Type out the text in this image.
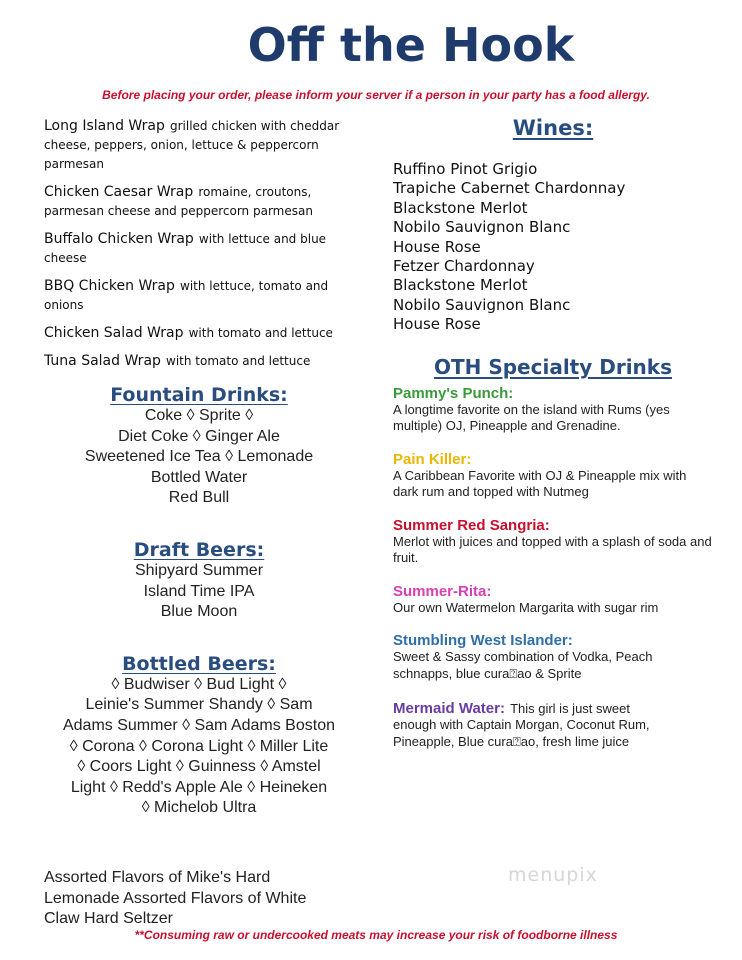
Off the Hook
Before placing your order, please inform your server if a person in your party has a food allergy.
Long Island Wrap grilled chicken with cheddar cheese, peppers, onion, lettuce & peppercorn parmesan
Chicken Caesar Wrap romaine, croutons, parmesan cheese and peppercorn parmesan
Buffalo Chicken Wrap with lettuce and blue cheese
BBQ Chicken Wrap with lettuce, tomato and onions
Chicken Salad Wrap with tomato and lettuce
Tuna Salad Wrap with tomato and lettuce
Fountain Drinks:
Coke ◊ Sprite ◊
Diet Coke ◊ Ginger Ale
Sweetened Ice Tea ◊ Lemonade
Bottled Water
Red Bull
Draft Beers:
Shipyard Summer
Island Time IPA
Blue Moon
Bottled Beers:
◊ Budwiser ◊ Bud Light ◊
Leinie's Summer Shandy ◊ Sam
Adams Summer ◊ Sam Adams Boston
◊ Corona ◊ Corona Light ◊ Miller Lite
◊ Coors Light ◊ Guinness ◊ Amstel
Light ◊ Redd's Apple Ale ◊ Heineken
◊ Michelob Ultra
Assorted Flavors of Mike's Hard
Lemonade Assorted Flavors of White
Claw Hard Seltzer
Wines:
Ruffino Pinot Grigio
Trapiche Cabernet Chardonnay
Blackstone Merlot
Nobilo Sauvignon Blanc
House Rose
Fetzer Chardonnay
Blackstone Merlot
Nobilo Sauvignon Blanc
House Rose
OTH Specialty Drinks
Pammy's Punch:
A longtime favorite on the island with Rums (yes multiple) OJ, Pineapple and Grenadine.
Pain Killer:
A Caribbean Favorite with OJ & Pineapple mix with dark rum and topped with Nutmeg
Summer Red Sangria:
Merlot with juices and topped with a splash of soda and fruit.
Summer-Rita:
Our own Watermelon Margarita with sugar rim
Stumbling West Islander:
Sweet & Sassy combination of Vodka, Peach schnapps, blue cura⍰ao & Sprite
Mermaid Water: This girl is just sweet
enough with Captain Morgan, Coconut Rum, Pineapple, Blue cura⍰ao, fresh lime juice
menupix
**Consuming raw or undercooked meats may increase your risk of foodborne illness
